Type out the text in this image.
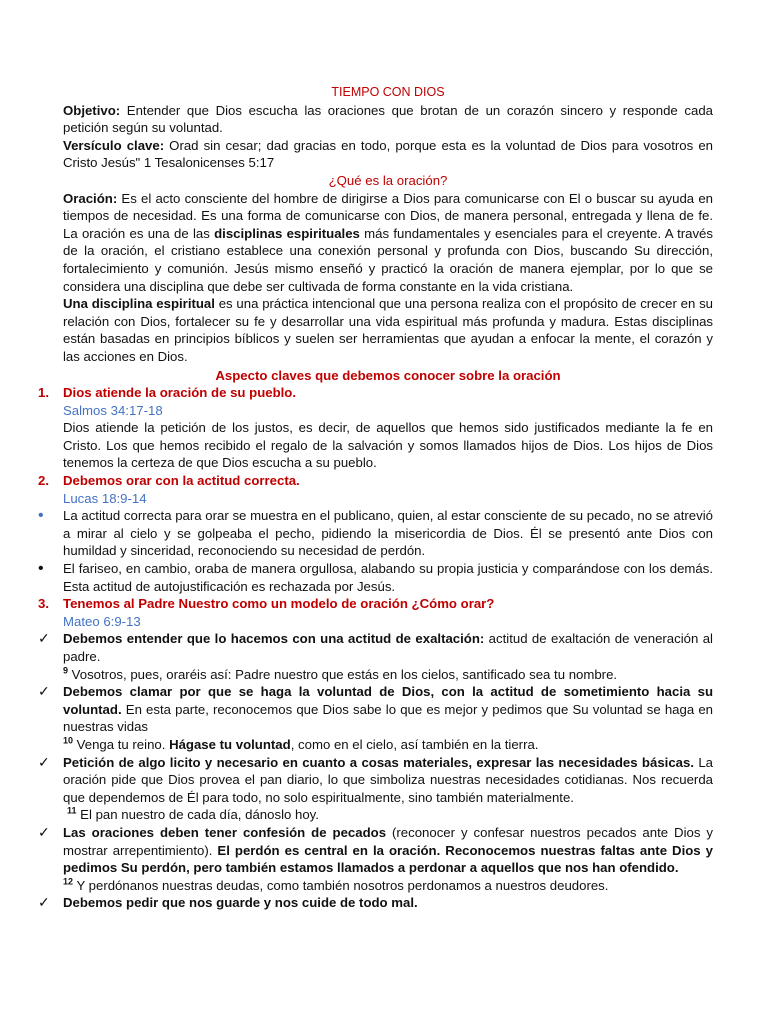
TIEMPO CON DIOS

Objetivo: Entender que Dios escucha las oraciones que brotan de un corazón sincero y responde cada petición según su voluntad.

Versículo clave: Orad sin cesar; dad gracias en todo, porque esta es la voluntad de Dios para vosotros en Cristo Jesús" 1 Tesalonicenses 5:17

¿Qué es la oración?

Oración: Es el acto consciente del hombre de dirigirse a Dios para comunicarse con El o buscar su ayuda en tiempos de necesidad. Es una forma de comunicarse con Dios, de manera personal, entregada y llena de fe. La oración es una de las disciplinas espirituales más fundamentales y esenciales para el creyente. A través de la oración, el cristiano establece una conexión personal y profunda con Dios, buscando Su dirección, fortalecimiento y comunión. Jesús mismo enseñó y practicó la oración de manera ejemplar, por lo que se considera una disciplina que debe ser cultivada de forma constante en la vida cristiana.

Una disciplina espiritual es una práctica intencional que una persona realiza con el propósito de crecer en su relación con Dios, fortalecer su fe y desarrollar una vida espiritual más profunda y madura. Estas disciplinas están basadas en principios bíblicos y suelen ser herramientas que ayudan a enfocar la mente, el corazón y las acciones en Dios.

Aspecto claves que debemos conocer sobre la oración

1.	Dios atiende la oración de su pueblo.

Salmos 34:17-18

Dios atiende la petición de los justos, es decir, de aquellos que hemos sido justificados mediante la fe en Cristo. Los que hemos recibido el regalo de la salvación y somos llamados hijos de Dios. Los hijos de Dios tenemos la certeza de que Dios escucha a su pueblo.

2.	Debemos orar con la actitud correcta.

Lucas 18:9-14

•	La actitud correcta para orar se muestra en el publicano, quien, al estar consciente de su pecado, no se atrevió a mirar al cielo y se golpeaba el pecho, pidiendo la misericordia de Dios. Él se presentó ante Dios con humildad y sinceridad, reconociendo su necesidad de perdón.

•	El fariseo, en cambio, oraba de manera orgullosa, alabando su propia justicia y comparándose con los demás. Esta actitud de autojustificación es rechazada por Jesús.

3.	Tenemos al Padre Nuestro como un modelo de oración ¿Cómo orar?

Mateo 6:9-13

✓	Debemos entender que lo hacemos con una actitud de exaltación: actitud de exaltación de veneración al padre.

$^9$ Vosotros, pues, oraréis así: Padre nuestro que estás en los cielos, santificado sea tu nombre.

✓	Debemos clamar por que se haga la voluntad de Dios, con la actitud de sometimiento hacia su voluntad. En esta parte, reconocemos que Dios sabe lo que es mejor y pedimos que Su voluntad se haga en nuestras vidas

$^{10}$ Venga tu reino. Hágase tu voluntad, como en el cielo, así también en la tierra.

✓	Petición de algo licito y necesario en cuanto a cosas materiales, expresar las necesidades básicas. La oración pide que Dios provea el pan diario, lo que simboliza nuestras necesidades cotidianas. Nos recuerda que dependemos de Él para todo, no solo espiritualmente, sino también materialmente.

$^{11}$ El pan nuestro de cada día, dánoslo hoy.

✓	Las oraciones deben tener confesión de pecados (reconocer y confesar nuestros pecados ante Dios y mostrar arrepentimiento). El perdón es central en la oración. Reconocemos nuestras faltas ante Dios y pedimos Su perdón, pero también estamos llamados a perdonar a aquellos que nos han ofendido.

$^{12}$ Y perdónanos nuestras deudas, como también nosotros perdonamos a nuestros deudores.

✓	Debemos pedir que nos guarde y nos cuide de todo mal.
